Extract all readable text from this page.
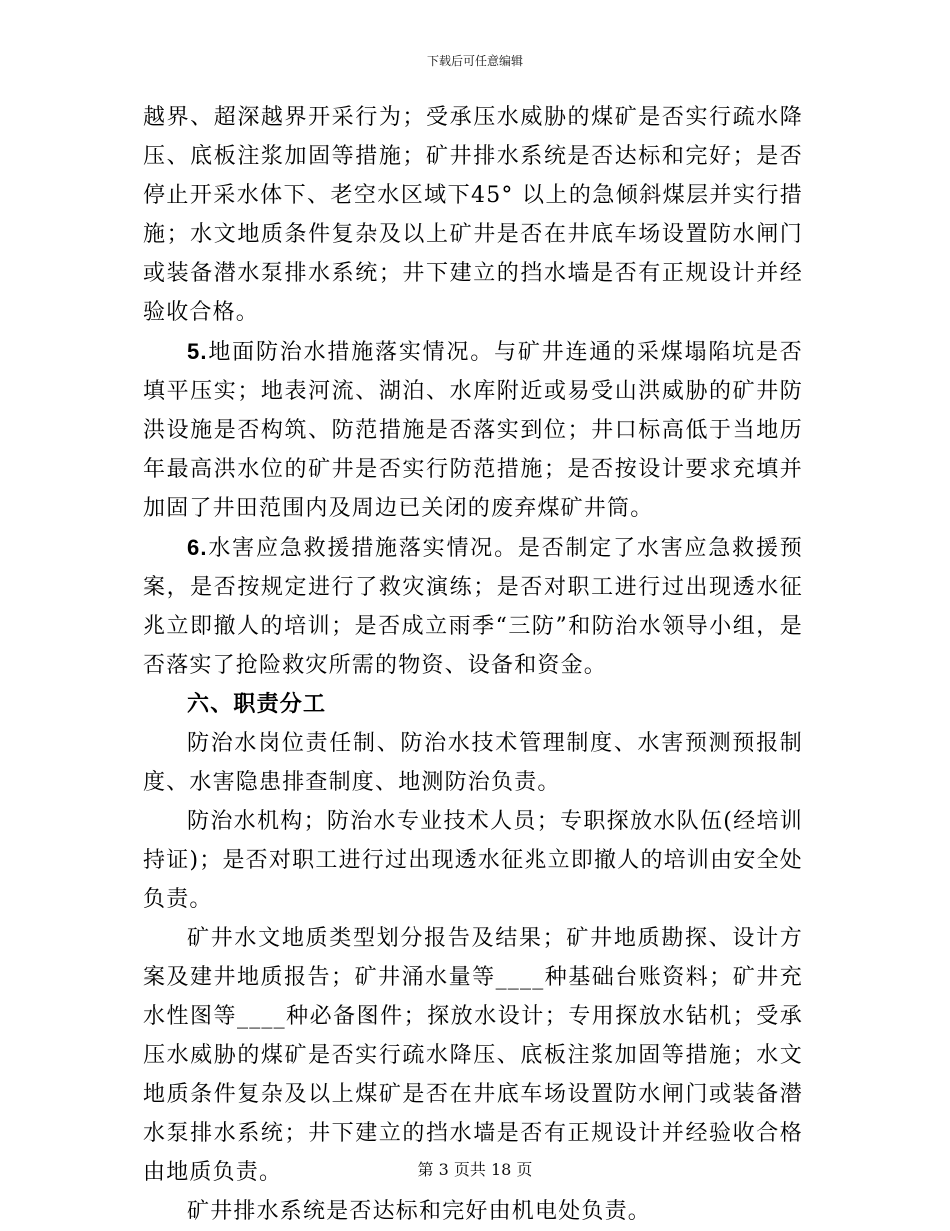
下载后可任意编辑

越界、超深越界开采行为；受承压水威胁的煤矿是否实行疏水降压、底板注浆加固等措施；矿井排水系统是否达标和完好；是否停止开采水体下、老空水区域下45° 以上的急倾斜煤层并实行措施；水文地质条件复杂及以上矿井是否在井底车场设置防水闸门或装备潜水泵排水系统；井下建立的挡水墙是否有正规设计并经验收合格。

5.地面防治水措施落实情况。与矿井连通的采煤塌陷坑是否填平压实；地表河流、湖泊、水库附近或易受山洪威胁的矿井防洪设施是否构筑、防范措施是否落实到位；井口标高低于当地历年最高洪水位的矿井是否实行防范措施；是否按设计要求充填并加固了井田范围内及周边已关闭的废弃煤矿井筒。

6.水害应急救援措施落实情况。是否制定了水害应急救援预案，是否按规定进行了救灾演练；是否对职工进行过出现透水征兆立即撤人的培训；是否成立雨季“三防”和防治水领导小组，是否落实了抢险救灾所需的物资、设备和资金。

六、职责分工

防治水岗位责任制、防治水技术管理制度、水害预测预报制度、水害隐患排查制度、地测防治负责。

防治水机构；防治水专业技术人员；专职探放水队伍(经培训持证)；是否对职工进行过出现透水征兆立即撤人的培训由安全处负责。

矿井水文地质类型划分报告及结果；矿井地质勘探、设计方案及建井地质报告；矿井涌水量等____种基础台账资料；矿井充水性图等____种必备图件；探放水设计；专用探放水钻机；受承压水威胁的煤矿是否实行疏水降压、底板注浆加固等措施；水文地质条件复杂及以上煤矿是否在井底车场设置防水闸门或装备潜水泵排水系统；井下建立的挡水墙是否有正规设计并经验收合格由地质负责。

矿井排水系统是否达标和完好由机电处负责。

第 3 页共 18 页
